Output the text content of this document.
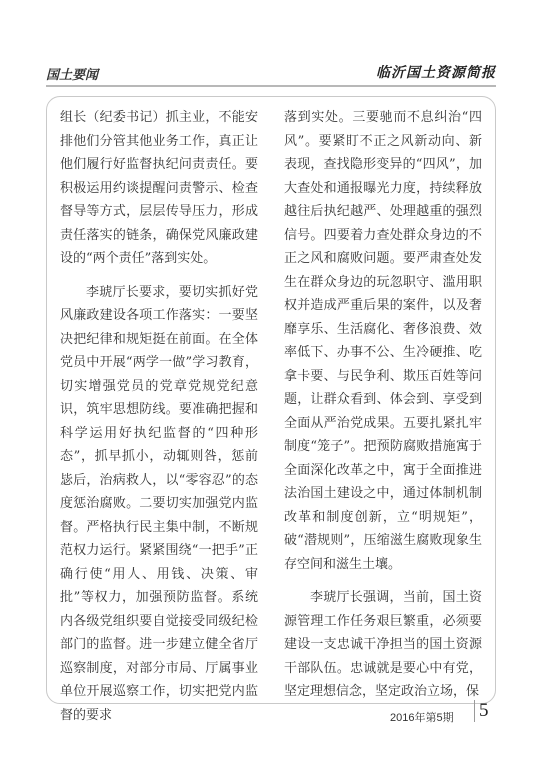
国土要闻	临沂国土资源简报

组长（纪委书记）抓主业，不能安排他们分管其他业务工作，真正让他们履行好监督执纪问责责任。要积极运用约谈提醒问责警示、检查督导等方式，层层传导压力，形成责任落实的链条，确保党风廉政建设的“两个责任”落到实处。

李琥厅长要求，要切实抓好党风廉政建设各项工作落实：一要坚决把纪律和规矩挺在前面。在全体党员中开展“两学一做”学习教育，切实增强党员的党章党规党纪意识，筑牢思想防线。要准确把握和科学运用好执纪监督的“四种形态”，抓早抓小，动辄则咎，惩前毖后，治病救人，以“零容忍”的态度惩治腐败。二要切实加强党内监督。严格执行民主集中制，不断规范权力运行。紧紧围绕“一把手”正确行使“用人、用钱、决策、审批”等权力，加强预防监督。系统内各级党组织要自觉接受同级纪检部门的监督。进一步建立健全省厅巡察制度，对部分市局、厅属事业单位开展巡察工作，切实把党内监督的要求

落到实处。三要驰而不息纠治“四风”。要紧盯不正之风新动向、新表现，查找隐形变异的“四风”，加大查处和通报曝光力度，持续释放越往后执纪越严、处理越重的强烈信号。四要着力查处群众身边的不正之风和腐败问题。要严肃查处发生在群众身边的玩忽职守、滥用职权并造成严重后果的案件，以及奢靡享乐、生活腐化、奢侈浪费、效率低下、办事不公、生冷硬推、吃拿卡要、与民争利、欺压百姓等问题，让群众看到、体会到、享受到全面从严治党成果。五要扎紧扎牢制度“笼子”。把预防腐败措施寓于全面深化改革之中，寓于全面推进法治国土建设之中，通过体制机制改革和制度创新，立“明规矩”，破“潜规则”，压缩滋生腐败现象生存空间和滋生土壤。

李琥厅长强调，当前，国土资源管理工作任务艰巨繁重，必须要建设一支忠诚干净担当的国土资源干部队伍。忠诚就是要心中有党，坚定理想信念，坚定政治立场，保

2016年第5期 5
